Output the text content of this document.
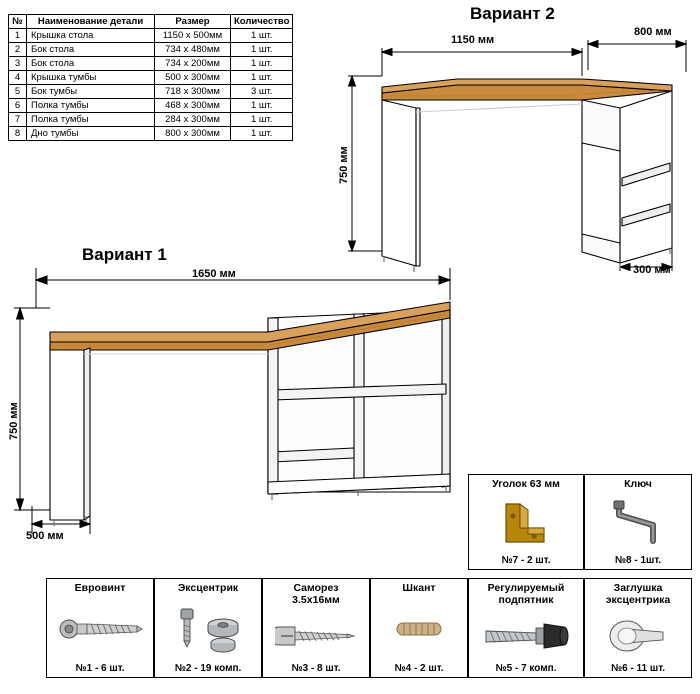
№	Наименование детали	Размер	Количество
1	Крышка стола	1150 х 500мм	1 шт.
2	Бок стола	734 х 480мм	1 шт.
3	Бок стола	734 х 200мм	1 шт.
4	Крышка тумбы	500 х 300мм	1 шт.
5	Бок тумбы	718 х 300мм	3 шт.
6	Полка тумбы	468 х 300мм	1 шт.
7	Полка тумбы	284 х 300мм	1 шт.
8	Дно тумбы	800 х 300мм	1 шт.
Вариант 2
1150 мм
800 мм
750 мм
300 мм
Вариант 1
1650 мм
750 мм
500 мм
Уголок 63 мм
№7 - 2 шт.
Ключ
№8 - 1шт.
Евровинт
№1 - 6 шт.
Эксцентрик
№2 - 19 комп.
Саморез
3.5х16мм
№3 - 8 шт.
Шкант
№4 - 2 шт.
Регулируемый
подпятник
№5 - 7 комп.
Заглушка
эксцентрика
№6 - 11 шт.
